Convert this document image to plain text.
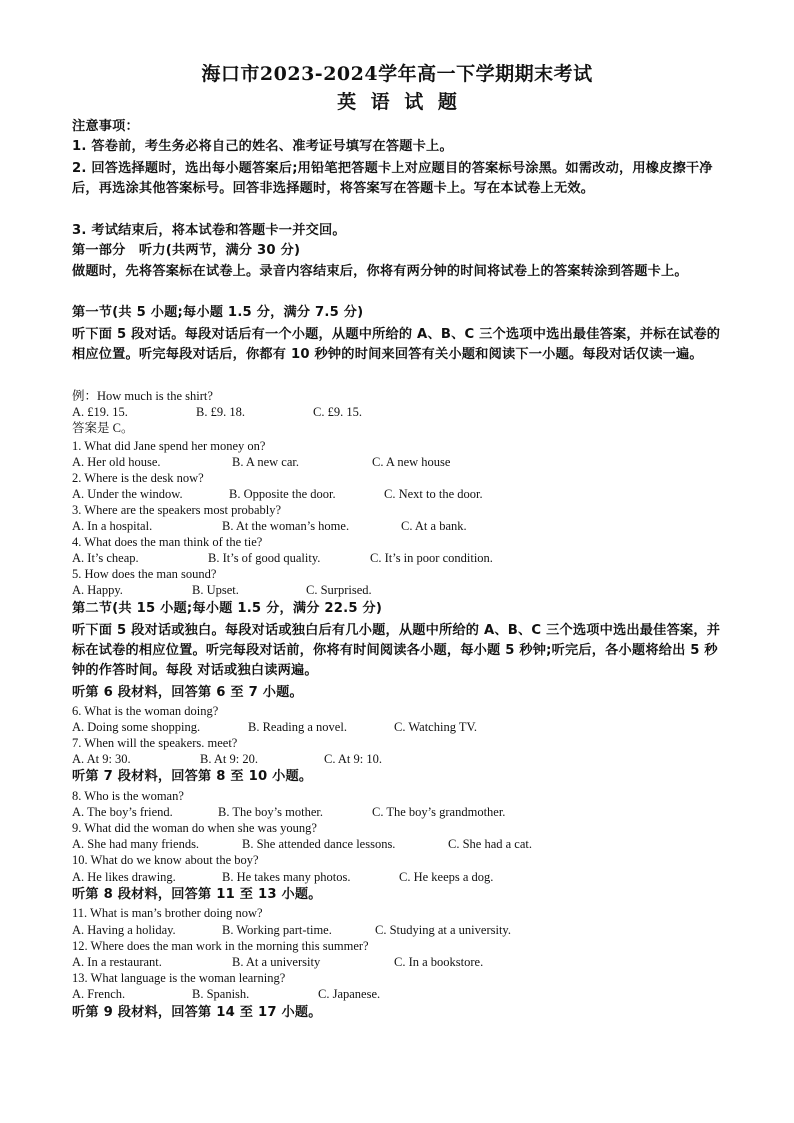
海口市2023-2024学年高一下学期期末考试
英 语 试 题
注意事项：
1. 答卷前，考生务必将自己的姓名、准考证号填写在答题卡上。
2. 回答选择题时，选出每小题答案后;用铅笔把答题卡上对应题目的答案标号涂黑。如需改动，用橡皮擦干净后，再选涂其他答案标号。回答非选择题时，将答案写在答题卡上。写在本试卷上无效。
3. 考试结束后，将本试卷和答题卡一并交回。
第一部分　听力(共两节，满分 30 分)
做题时，先将答案标在试卷上。录音内容结束后，你将有两分钟的时间将试卷上的答案转涂到答题卡上。
第一节(共 5 小题;每小题 1.5 分，满分 7.5 分)
听下面 5 段对话。每段对话后有一个小题，从题中所给的 A、B、C 三个选项中选出最佳答案，并标在试卷的相应位置。听完每段对话后，你都有 10 秒钟的时间来回答有关小题和阅读下一小题。每段对话仅读一遍。
例：How much is the shirt?
A. £19. 15.	B. £9. 18.	C. £9. 15.
答案是 C。
1. What did Jane spend her money on?
A. Her old house.	B. A new car.	C. A new house
2. Where is the desk now?
A. Under the window.	B. Opposite the door.	C. Next to the door.
3. Where are the speakers most probably?
A. In a hospital.	B. At the woman’s home.	C. At a bank.
4. What does the man think of the tie?
A. It’s cheap.	B. It’s of good quality.	C. It’s in poor condition.
5. How does the man sound?
A. Happy.	B. Upset.	C. Surprised.
第二节(共 15 小题;每小题 1.5 分，满分 22.5 分)
听下面 5 段对话或独白。每段对话或独白后有几小题，从题中所给的 A、B、C 三个选项中选出最佳答案，并标在试卷的相应位置。听完每段对话前，你将有时间阅读各小题，每小题 5 秒钟;听完后，各小题将给出 5 秒钟的作答时间。每段 对话或独白读两遍。
听第 6 段材料，回答第 6 至 7 小题。
6. What is the woman doing?
A. Doing some shopping.	B. Reading a novel.	C. Watching TV.
7. When will the speakers. meet?
A. At 9: 30.	B. At 9: 20.	C. At 9: 10.
听第 7 段材料，回答第 8 至 10 小题。
8. Who is the woman?
A. The boy’s friend.	B. The boy’s mother.	C. The boy’s grandmother.
9. What did the woman do when she was young?
A. She had many friends.	B. She attended dance lessons.	C. She had a cat.
10. What do we know about the boy?
A. He likes drawing.	B. He takes many photos.	C. He keeps a dog.
听第 8 段材料，回答第 11 至 13 小题。
11. What is man’s brother doing now?
A. Having a holiday.	B. Working part-time.	C. Studying at a university.
12. Where does the man work in the morning this summer?
A. In a restaurant.	B. At a university	C. In a bookstore.
13. What language is the woman learning?
A. French.	B. Spanish.	C. Japanese.
听第 9 段材料，回答第 14 至 17 小题。
